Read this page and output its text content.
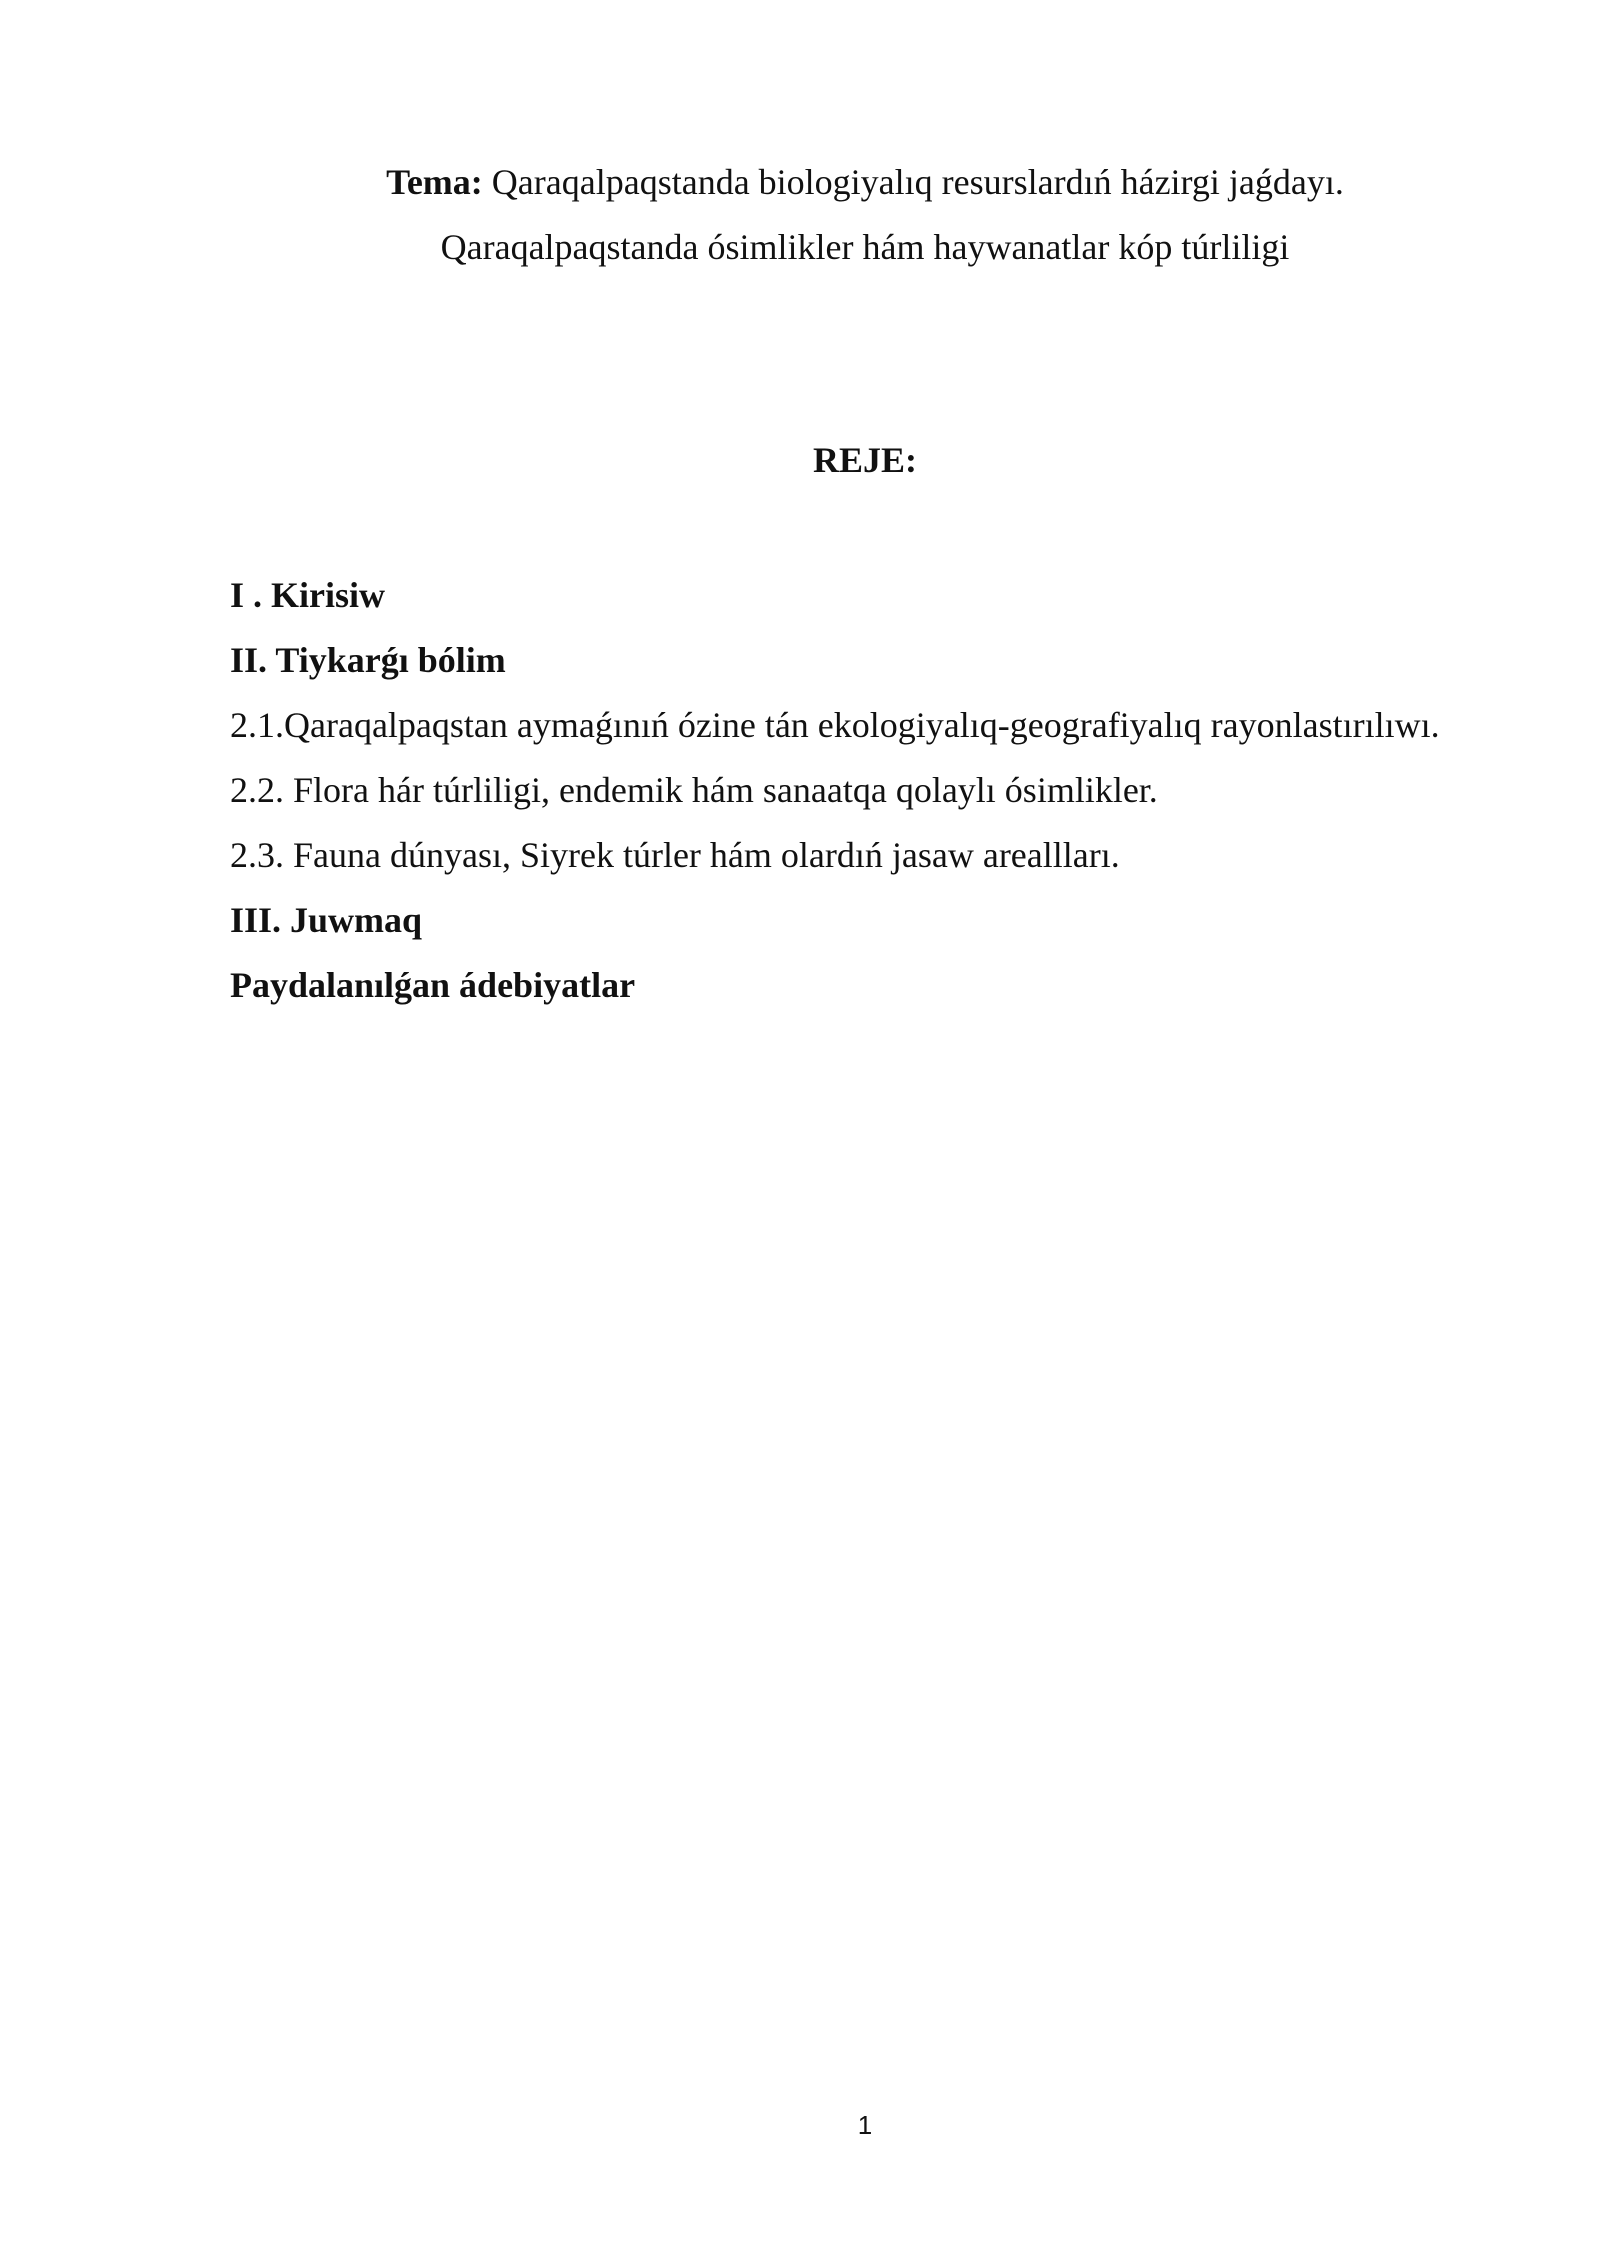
Tema: Qaraqalpaqstanda biologiyalıq resurslardıń házirgi jaǵdayı.
Qaraqalpaqstanda ósimlikler hám haywanatlar kóp túrliligi
REJE:
I . Kirisiw
II. Tiykarǵı bólim
2.1.Qaraqalpaqstan aymaǵınıń ózine tán ekologiyalıq-geografiyalıq rayonlastırılıwı.
2.2. Flora hár túrliligi, endemik hám sanaatqa qolaylı ósimlikler.
2.3. Fauna dúnyası, Siyrek túrler hám olardıń jasaw areallları.
III. Juwmaq
Paydalanılǵan ádebiyatlar
1
